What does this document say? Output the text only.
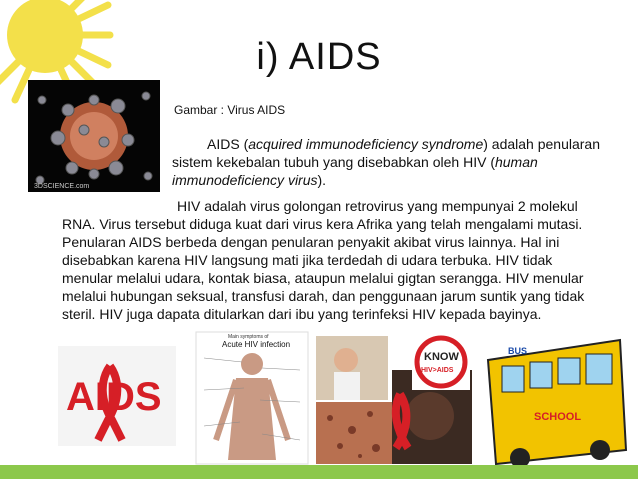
i) AIDS
3DSCIENCE.com
Gambar : Virus AIDS

AIDS (acquired immunodeficiency syndrome) adalah penularan sistem kekebalan tubuh yang disebabkan oleh HIV (human immunodeficiency virus).

HIV adalah virus golongan retrovirus yang mempunyai 2 molekul RNA. Virus tersebut diduga kuat dari virus kera Afrika yang telah mengalami mutasi. Penularan AIDS berbeda dengan penularan penyakit akibat virus lainnya. Hal ini disebabkan karena HIV langsung mati jika terdedah di udara terbuka. HIV tidak menular melalui udara, kontak biasa, ataupun melalui gigtan serangga. HIV menular melalui hubungan seksual, transfusi darah, dan penggunaan jarum suntik yang tidak steril. HIV juga dapata ditularkan dari ibu yang terinfeksi HIV kepada bayinya.

AIDS
Main symptoms of
Acute HIV infection
KNOW
HIV>AIDS
BUS
SCHOOL
